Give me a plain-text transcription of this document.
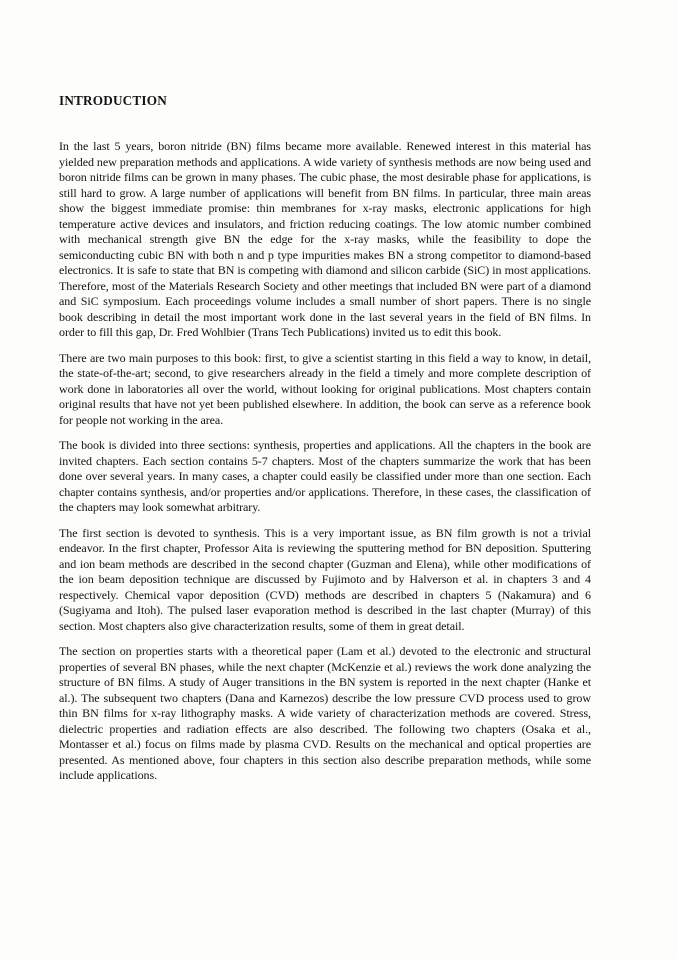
INTRODUCTION

In the last 5 years, boron nitride (BN) films became more available. Renewed interest in this material has yielded new preparation methods and applications. A wide variety of synthesis methods are now being used and boron nitride films can be grown in many phases. The cubic phase, the most desirable phase for applications, is still hard to grow. A large number of applications will benefit from BN films. In particular, three main areas show the biggest immediate promise: thin membranes for x-ray masks, electronic applications for high temperature active devices and insulators, and friction reducing coatings. The low atomic number combined with mechanical strength give BN the edge for the x-ray masks, while the feasibility to dope the semiconducting cubic BN with both n and p type impurities makes BN a strong competitor to diamond-based electronics. It is safe to state that BN is competing with diamond and silicon carbide (SiC) in most applications. Therefore, most of the Materials Research Society and other meetings that included BN were part of a diamond and SiC symposium. Each proceedings volume includes a small number of short papers. There is no single book describing in detail the most important work done in the last several years in the field of BN films. In order to fill this gap, Dr. Fred Wohlbier (Trans Tech Publications) invited us to edit this book.

There are two main purposes to this book: first, to give a scientist starting in this field a way to know, in detail, the state-of-the-art; second, to give researchers already in the field a timely and more complete description of work done in laboratories all over the world, without looking for original publications. Most chapters contain original results that have not yet been published elsewhere. In addition, the book can serve as a reference book for people not working in the area.

The book is divided into three sections: synthesis, properties and applications. All the chapters in the book are invited chapters. Each section contains 5-7 chapters. Most of the chapters summarize the work that has been done over several years. In many cases, a chapter could easily be classified under more than one section. Each chapter contains synthesis, and/or properties and/or applications. Therefore, in these cases, the classification of the chapters may look somewhat arbitrary.

The first section is devoted to synthesis. This is a very important issue, as BN film growth is not a trivial endeavor. In the first chapter, Professor Aita is reviewing the sputtering method for BN deposition. Sputtering and ion beam methods are described in the second chapter (Guzman and Elena), while other modifications of the ion beam deposition technique are discussed by Fujimoto and by Halverson et al. in chapters 3 and 4 respectively. Chemical vapor deposition (CVD) methods are described in chapters 5 (Nakamura) and 6 (Sugiyama and Itoh). The pulsed laser evaporation method is described in the last chapter (Murray) of this section. Most chapters also give characterization results, some of them in great detail.

The section on properties starts with a theoretical paper (Lam et al.) devoted to the electronic and structural properties of several BN phases, while the next chapter (McKenzie et al.) reviews the work done analyzing the structure of BN films. A study of Auger transitions in the BN system is reported in the next chapter (Hanke et al.). The subsequent two chapters (Dana and Karnezos) describe the low pressure CVD process used to grow thin BN films for x-ray lithography masks. A wide variety of characterization methods are covered. Stress, dielectric properties and radiation effects are also described. The following two chapters (Osaka et al., Montasser et al.) focus on films made by plasma CVD. Results on the mechanical and optical properties are presented. As mentioned above, four chapters in this section also describe preparation methods, while some include applications.
